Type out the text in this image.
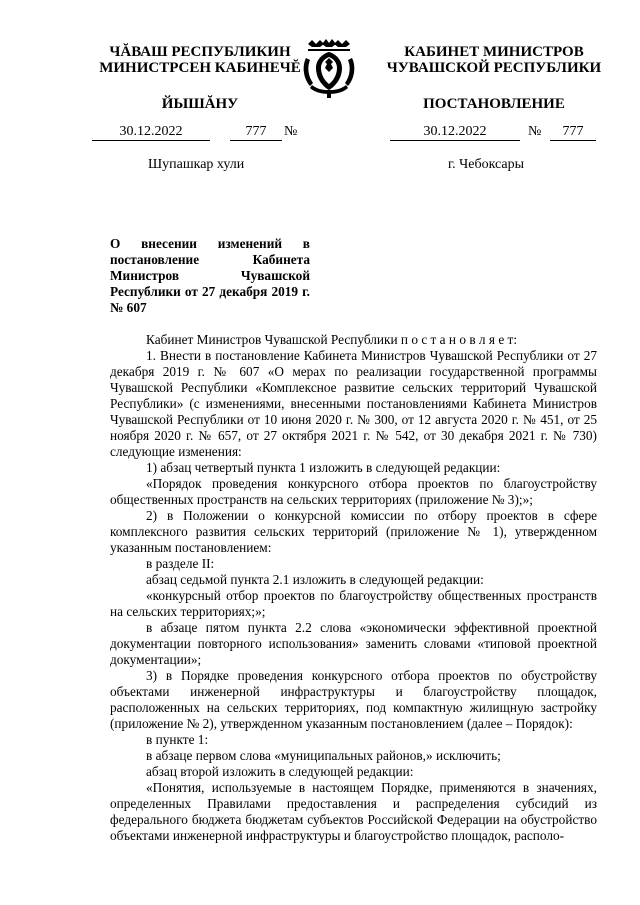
ЧĂВАШ РЕСПУБЛИКИН
МИНИСТРСЕН КАБИНЕЧĔ
КАБИНЕТ МИНИСТРОВ
ЧУВАШСКОЙ РЕСПУБЛИКИ
ЙЫШĂНУ	ПОСТАНОВЛЕНИЕ
30.12.2022	777	№	30.12.2022	№	777
Шупашкар хули	г. Чебоксары
О внесении изменений в постановление Кабинета Министров Чувашской Республики от 27 декабря 2019 г. № 607

Кабинет Министров Чувашской Республики п о с т а н о в л я е т:

1. Внести в постановление Кабинета Министров Чувашской Республики от 27 декабря 2019 г. № 607 «О мерах по реализации государственной программы Чувашской Республики «Комплексное развитие сельских территорий Чувашской Республики» (с изменениями, внесенными постановлениями Кабинета Министров Чувашской Республики от 10 июня 2020 г. № 300, от 12 августа 2020 г. № 451, от 25 ноября 2020 г. № 657, от 27 октября 2021 г. № 542, от 30 декабря 2021 г. № 730) следующие изменения:

1) абзац четвертый пункта 1 изложить в следующей редакции:

«Порядок проведения конкурсного отбора проектов по благоустройству общественных пространств на сельских территориях (приложение № 3);»;

2) в Положении о конкурсной комиссии по отбору проектов в сфере комплексного развития сельских территорий (приложение № 1), утвержденном указанным постановлением:

в разделе II:

абзац седьмой пункта 2.1 изложить в следующей редакции:

«конкурсный отбор проектов по благоустройству общественных пространств на сельских территориях;»;

в абзаце пятом пункта 2.2 слова «экономически эффективной проектной документации повторного использования» заменить словами «типовой проектной документации»;

3) в Порядке проведения конкурсного отбора проектов по обустройству объектами инженерной инфраструктуры и благоустройству площадок, расположенных на сельских территориях, под компактную жилищную застройку (приложение № 2), утвержденном указанным постановлением (далее – Порядок):

в пункте 1:

в абзаце первом слова «муниципальных районов,» исключить;

абзац второй изложить в следующей редакции:

«Понятия, используемые в настоящем Порядке, применяются в значениях, определенных Правилами предоставления и распределения субсидий из федерального бюджета бюджетам субъектов Российской Федерации на обустройство объектами инженерной инфраструктуры и благоустройство площадок, располо-
